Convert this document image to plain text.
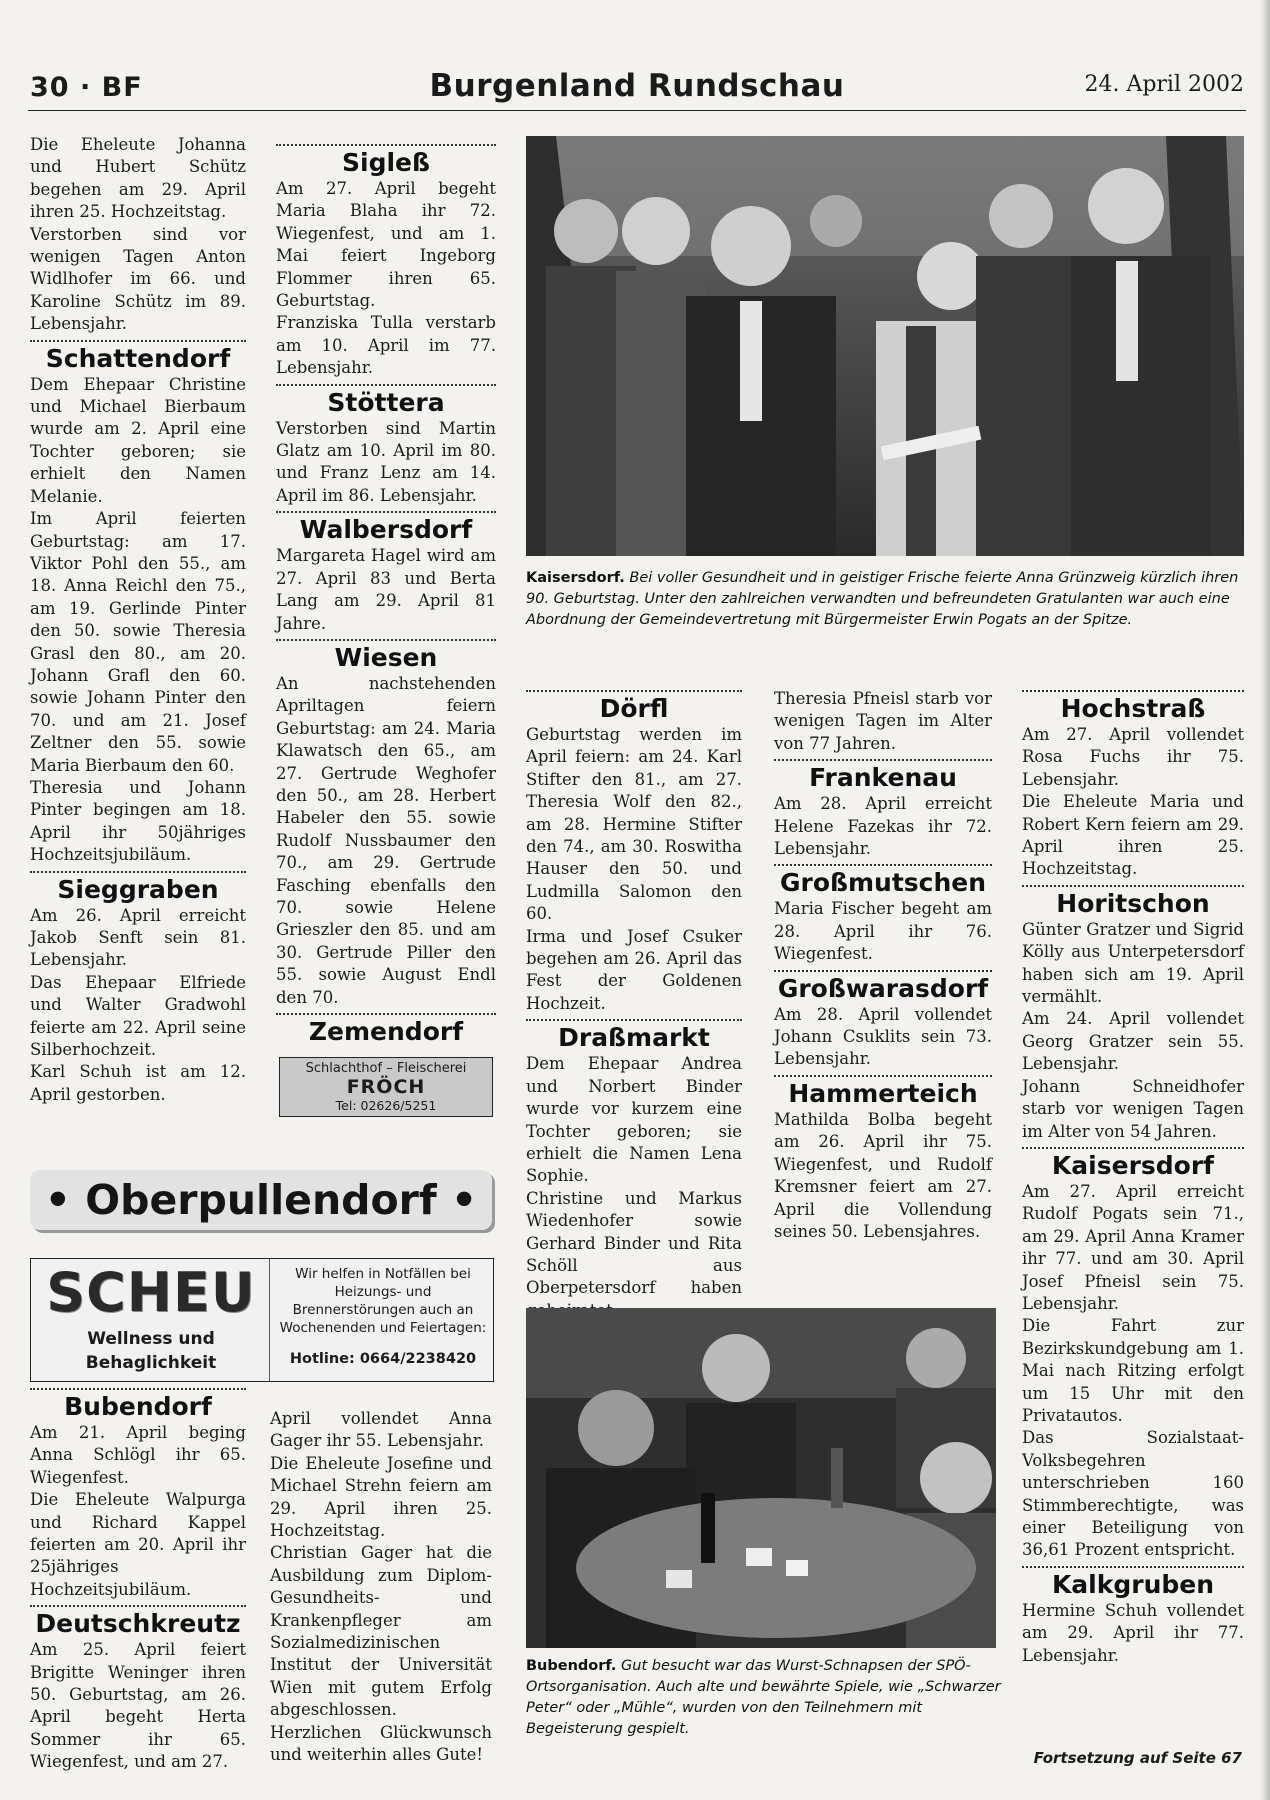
30 · BF	Burgenland Rundschau	24. April 2002

Die Eheleute Johanna und Hubert Schütz begehen am 29. April ihren 25. Hochzeitstag.

Verstorben sind vor wenigen Tagen Anton Widlhofer im 66. und Karoline Schütz im 89. Lebensjahr.

Schattendorf

Dem Ehepaar Christine und Michael Bierbaum wurde am 2. April eine Tochter geboren; sie erhielt den Namen Melanie.

Im April feierten Geburtstag: am 17. Viktor Pohl den 55., am 18. Anna Reichl den 75., am 19. Gerlinde Pinter den 50. sowie Theresia Grasl den 80., am 20. Johann Grafl den 60. sowie Johann Pinter den 70. und am 21. Josef Zeltner den 55. sowie Maria Bierbaum den 60.

Theresia und Johann Pinter begingen am 18. April ihr 50jähriges Hochzeitsjubiläum.

Sieggraben

Am 26. April erreicht Jakob Senft sein 81. Lebensjahr.

Das Ehepaar Elfriede und Walter Gradwohl feierte am 22. April seine Silberhochzeit.

Karl Schuh ist am 12. April gestorben.

Sigleß

Am 27. April begeht Maria Blaha ihr 72. Wiegenfest, und am 1. Mai feiert Ingeborg Flommer ihren 65. Geburtstag.

Franziska Tulla verstarb am 10. April im 77. Lebensjahr.

Stöttera

Verstorben sind Martin Glatz am 10. April im 80. und Franz Lenz am 14. April im 86. Lebensjahr.

Walbersdorf

Margareta Hagel wird am 27. April 83 und Berta Lang am 29. April 81 Jahre.

Wiesen

An nachstehenden Apriltagen feiern Geburtstag: am 24. Maria Klawatsch den 65., am 27. Gertrude Weghofer den 50., am 28. Herbert Habeler den 55. sowie Rudolf Nussbaumer den 70., am 29. Gertrude Fasching ebenfalls den 70. sowie Helene Grieszler den 85. und am 30. Gertrude Piller den 55. sowie August Endl den 70.

Zemendorf
Schlachthof – Fleischerei
FRÖCH
Tel: 02626/5251

Kaisersdorf. Bei voller Gesundheit und in geistiger Frische feierte Anna Grünzweig kürzlich ihren 90. Geburtstag. Unter den zahlreichen verwandten und befreundeten Gratulanten war auch eine Abordnung der Gemeindevertretung mit Bürgermeister Erwin Pogats an der Spitze.

Dörfl

Geburtstag werden im April feiern: am 24. Karl Stifter den 81., am 27. Theresia Wolf den 82., am 28. Hermine Stifter den 74., am 30. Roswitha Hauser den 50. und Ludmilla Salomon den 60.

Irma und Josef Csuker begehen am 26. April das Fest der Goldenen Hochzeit.

Draßmarkt

Dem Ehepaar Andrea und Norbert Binder wurde vor kurzem eine Tochter geboren; sie erhielt die Namen Lena Sophie.

Christine und Markus Wiedenhofer sowie Gerhard Binder und Rita Schöll aus Oberpetersdorf haben

Theresia Pfneisl starb vor wenigen Tagen im Alter von 77 Jahren.

Frankenau

Am 28. April erreicht Helene Fazekas ihr 72. Lebensjahr.

Großmutschen

Maria Fischer begeht am 28. April ihr 76. Wiegenfest.

Großwarasdorf

Am 28. April vollendet Johann Csuklits sein 73. Lebensjahr.

Hammerteich

Mathilda Bolba begeht am 26. April ihr 75. Wiegenfest, und Rudolf Kremsner feiert am 27. April die Vollendung seines 50. Lebensjahres.

Hochstraß

Am 27. April vollendet Rosa Fuchs ihr 75. Lebensjahr.

Die Eheleute Maria und Robert Kern feiern am 29. April ihren 25. Hochzeitstag.

Horitschon

Günter Gratzer und Sigrid Kölly aus Unterpetersdorf haben sich am 19. April vermählt.

Am 24. April vollendet Georg Gratzer sein 55. Lebensjahr.

Johann Schneidhofer starb vor wenigen Tagen im Alter von 54 Jahren.

Kaisersdorf

Am 27. April erreicht Rudolf Pogats sein 71., am 29. April Anna Kramer ihr 77. und am 30. April Josef Pfneisl sein 75. Lebensjahr.

Die Fahrt zur Bezirkskundgebung am 1. Mai nach Ritzing erfolgt um 15 Uhr mit den Privatautos.

Das Sozialstaat-Volksbegehren unterschrieben 160 Stimmberechtigte, was einer Beteiligung von 36,61 Prozent entspricht.

Kalkgruben

Hermine Schuh vollendet am 29. April ihr 77. Lebensjahr.

Fortsetzung auf Seite 67
• Oberpullendorf •
SCHEU
Wellness und Behaglichkeit
Wir helfen in Notfällen bei Heizungs- und Brennerstörungen auch an Wochenenden und Feiertagen:
Hotline: 0664/2238420
Bubendorf

Am 21. April beging Anna Schlögl ihr 65. Wiegenfest.

Die Eheleute Walpurga und Richard Kappel feierten am 20. April ihr 25jähriges Hochzeitsjubiläum.

Deutschkreutz

Am 25. April feiert Brigitte Weninger ihren 50. Geburtstag, am 26. April begeht Herta Sommer ihr 65. Wiegenfest, und am 27.

April vollendet Anna Gager ihr 55. Lebensjahr.

Die Eheleute Josefine und Michael Strehn feiern am 29. April ihren 25. Hochzeitstag.

Christian Gager hat die Ausbildung zum Diplom-Gesundheits- und Krankenpfleger am Sozialmedizinischen Institut der Universität Wien mit gutem Erfolg abgeschlossen. Herzlichen Glückwunsch und weiterhin alles Gute!

Bubendorf. Gut besucht war das Wurst-Schnapsen der SPÖ-Ortsorganisation. Auch alte und bewährte Spiele, wie „Schwarzer Peter“ oder „Mühle“, wurden von den Teilnehmern mit Begeisterung gespielt.
